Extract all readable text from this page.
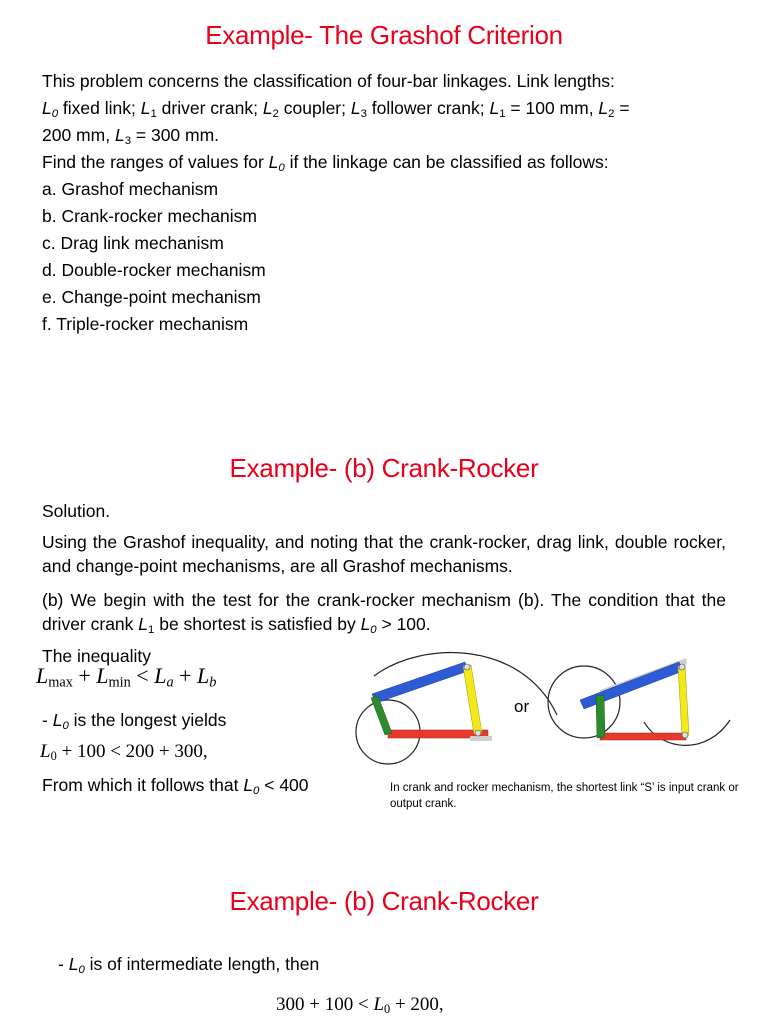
Example- The Grashof Criterion
This problem concerns the classification of four-bar linkages. Link lengths:
$L_0$ fixed link; $L_1$ driver crank; $L_2$ coupler; $L_3$ follower crank; $L_1 = 100$ mm, $L_2$ =
200 mm, $L_3 = 300$ mm.
Find the ranges of values for $L_0$ if the linkage can be classified as follows:
a. Grashof mechanism
b. Crank-rocker mechanism
c. Drag link mechanism
d. Double-rocker mechanism
e. Change-point mechanism
f. Triple-rocker mechanism
Example- (b) Crank-Rocker
Solution.
Using the Grashof inequality, and noting that the crank-rocker, drag link, double rocker, and change-point mechanisms, are all Grashof mechanisms.
(b) We begin with the test for the crank-rocker mechanism (b). The condition that the driver crank $L_1$ be shortest is satisfied by $L_0 > 100$.
The inequality
$L_{max} + L_{min} < L_a + L_b$
- $L_0$ is the longest yields
$L_0 + 100 < 200 + 300$,
From which it follows that $L_0 < 400$
or
In crank and rocker mechanism, the shortest link “S’ is input crank or output crank.
Example- (b) Crank-Rocker
- $L_0$ is of intermediate length, then
$300 + 100 < L_0 + 200$,
